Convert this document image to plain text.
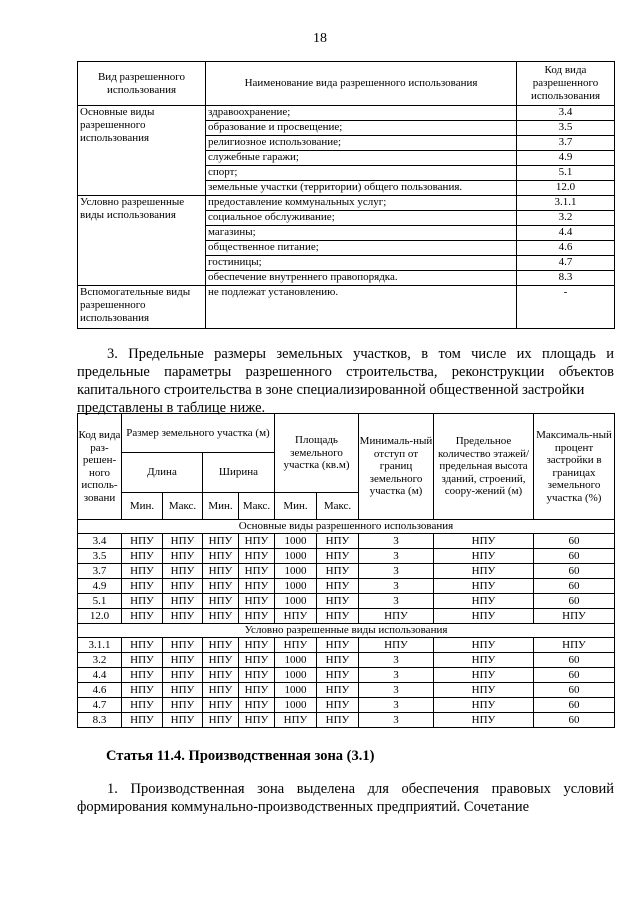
18
Вид разрешенного использования	Наименование вида разрешенного использования	Код вида разрешенного использования
Основные виды разрешенного использования	здравоохранение;	3.4
	образование и просвещение;	3.5
	религиозное использование;	3.7
	служебные гаражи;	4.9
	спорт;	5.1
	земельные участки (территории) общего пользования.	12.0
Условно разрешенные виды использования	предоставление коммунальных услуг;	3.1.1
	социальное обслуживание;	3.2
	магазины;	4.4
	общественное питание;	4.6
	гостиницы;	4.7
	обеспечение внутреннего правопорядка.	8.3
Вспомогательные виды разрешенного использования	не подлежат установлению.	-
3. Предельные размеры земельных участков, в том числе их площадь и предельные параметры разрешенного строительства, реконструкции объектов капитального строительства в зоне специализированной общественной застройки
представлены в таблице ниже.
Код вида раз-решен-ного исполь-зовани	Размер земельного участка (м)				Площадь земельного участка (кв.м)		Минималь-ный отступ от границ земельного участка (м)	Предельное количество этажей/ предельная высота зданий, строений, соору-жений (м)	Максималь-ный процент застройки в границах земельного участка (%)
	Длина		Ширина						
	Мин.	Макс.	Мин.	Макс.	Мин.	Макс.			
Основные виды разрешенного использования									
3.4	НПУ	НПУ	НПУ	НПУ	1000	НПУ	3	НПУ	60
3.5	НПУ	НПУ	НПУ	НПУ	1000	НПУ	3	НПУ	60
3.7	НПУ	НПУ	НПУ	НПУ	1000	НПУ	3	НПУ	60
4.9	НПУ	НПУ	НПУ	НПУ	1000	НПУ	3	НПУ	60
5.1	НПУ	НПУ	НПУ	НПУ	1000	НПУ	3	НПУ	60
12.0	НПУ	НПУ	НПУ	НПУ	НПУ	НПУ	НПУ	НПУ	НПУ
Условно разрешенные виды использования									
3.1.1	НПУ	НПУ	НПУ	НПУ	НПУ	НПУ	НПУ	НПУ	НПУ
3.2	НПУ	НПУ	НПУ	НПУ	1000	НПУ	3	НПУ	60
4.4	НПУ	НПУ	НПУ	НПУ	1000	НПУ	3	НПУ	60
4.6	НПУ	НПУ	НПУ	НПУ	1000	НПУ	3	НПУ	60
4.7	НПУ	НПУ	НПУ	НПУ	1000	НПУ	3	НПУ	60
8.3	НПУ	НПУ	НПУ	НПУ	НПУ	НПУ	3	НПУ	60
Статья 11.4. Производственная зона (3.1)
1. Производственная зона выделена для обеспечения правовых условий формирования коммунально-производственных предприятий. Сочетание
